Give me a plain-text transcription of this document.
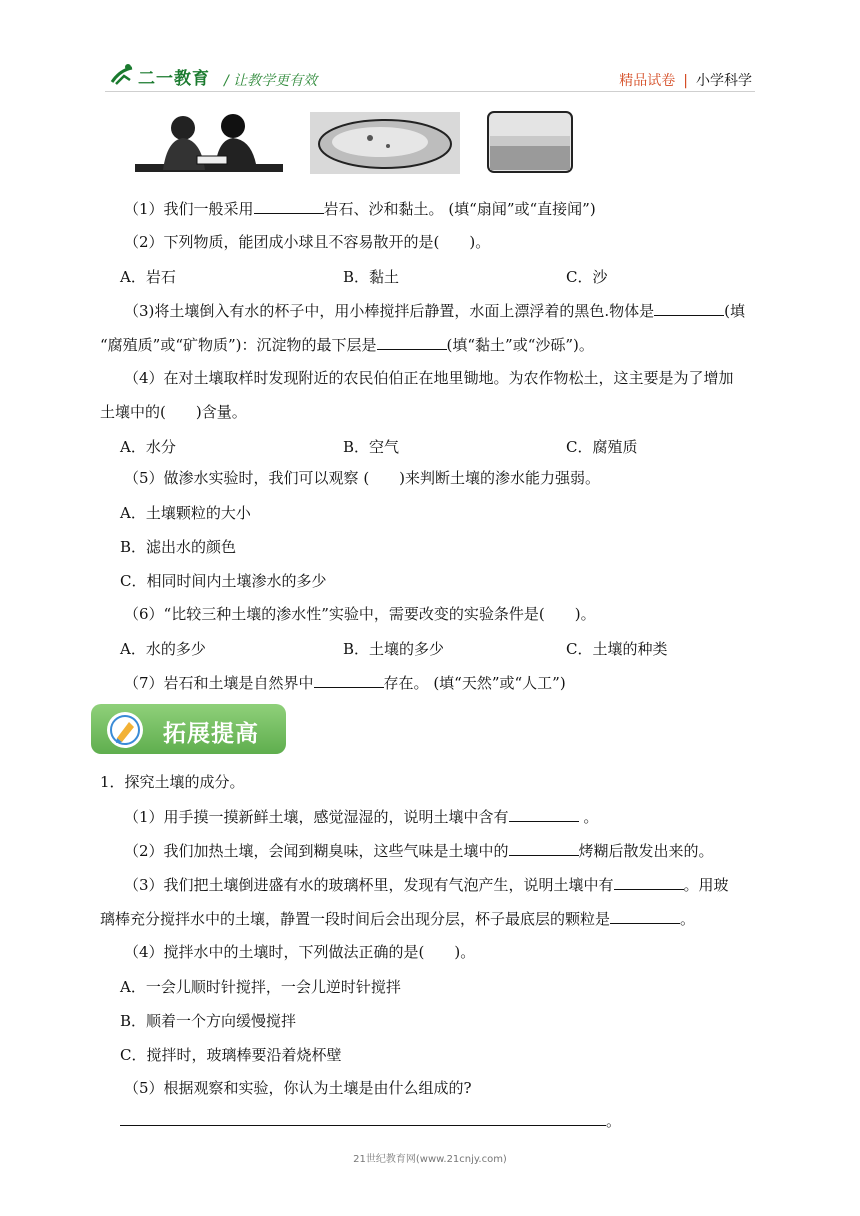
二一教育 / 让教学更有效	精品试卷 | 小学科学
（1）我们一般采用	岩石、沙和黏土。 (填“扇闻”或“直接闻”)
（2）下列物质，能团成小球且不容易散开的是(　　)。
A．岩石	B．黏土	C．沙
（3)将土壤倒入有水的杯子中，用小棒搅拌后静置，水面上漂浮着的黑色.物体是	(填
“腐殖质”或“矿物质”)：沉淀物的最下层是	(填“黏土”或“沙砾”)。
（4）在对土壤取样时发现附近的农民伯伯正在地里锄地。为农作物松土，这主要是为了增加
土壤中的(　　)含量。
A．水分	B．空气	C．腐殖质
（5）做渗水实验时，我们可以观察 (　　)来判断土壤的渗水能力强弱。
A．土壤颗粒的大小
B．滤出水的颜色
C．相同时间内土壤渗水的多少
（6）“比较三种土壤的渗水性”实验中，需要改变的实验条件是(　　)。
A．水的多少	B．土壤的多少	C．土壤的种类
（7）岩石和土壤是自然界中	存在。 (填“天然”或“人工”)
拓展提高
1．探究土壤的成分。
（1）用手摸一摸新鲜土壤，感觉湿湿的，说明土壤中含有	。
（2）我们加热土壤，会闻到糊臭味，这些气味是土壤中的	烤糊后散发出来的。
（3）我们把土壤倒进盛有水的玻璃杯里，发现有气泡产生，说明土壤中有	。用玻
璃棒充分搅拌水中的土壤，静置一段时间后会出现分层，杯子最底层的颗粒是	。
（4）搅拌水中的土壤时，下列做法正确的是(　　)。
A．一会儿顺时针搅拌，一会儿逆时针搅拌
B．顺着一个方向缓慢搅拌
C．搅拌时，玻璃棒要沿着烧杯壁
（5）根据观察和实验，你认为土壤是由什么组成的?
。
21世纪教育网(www.21cnjy.com)
